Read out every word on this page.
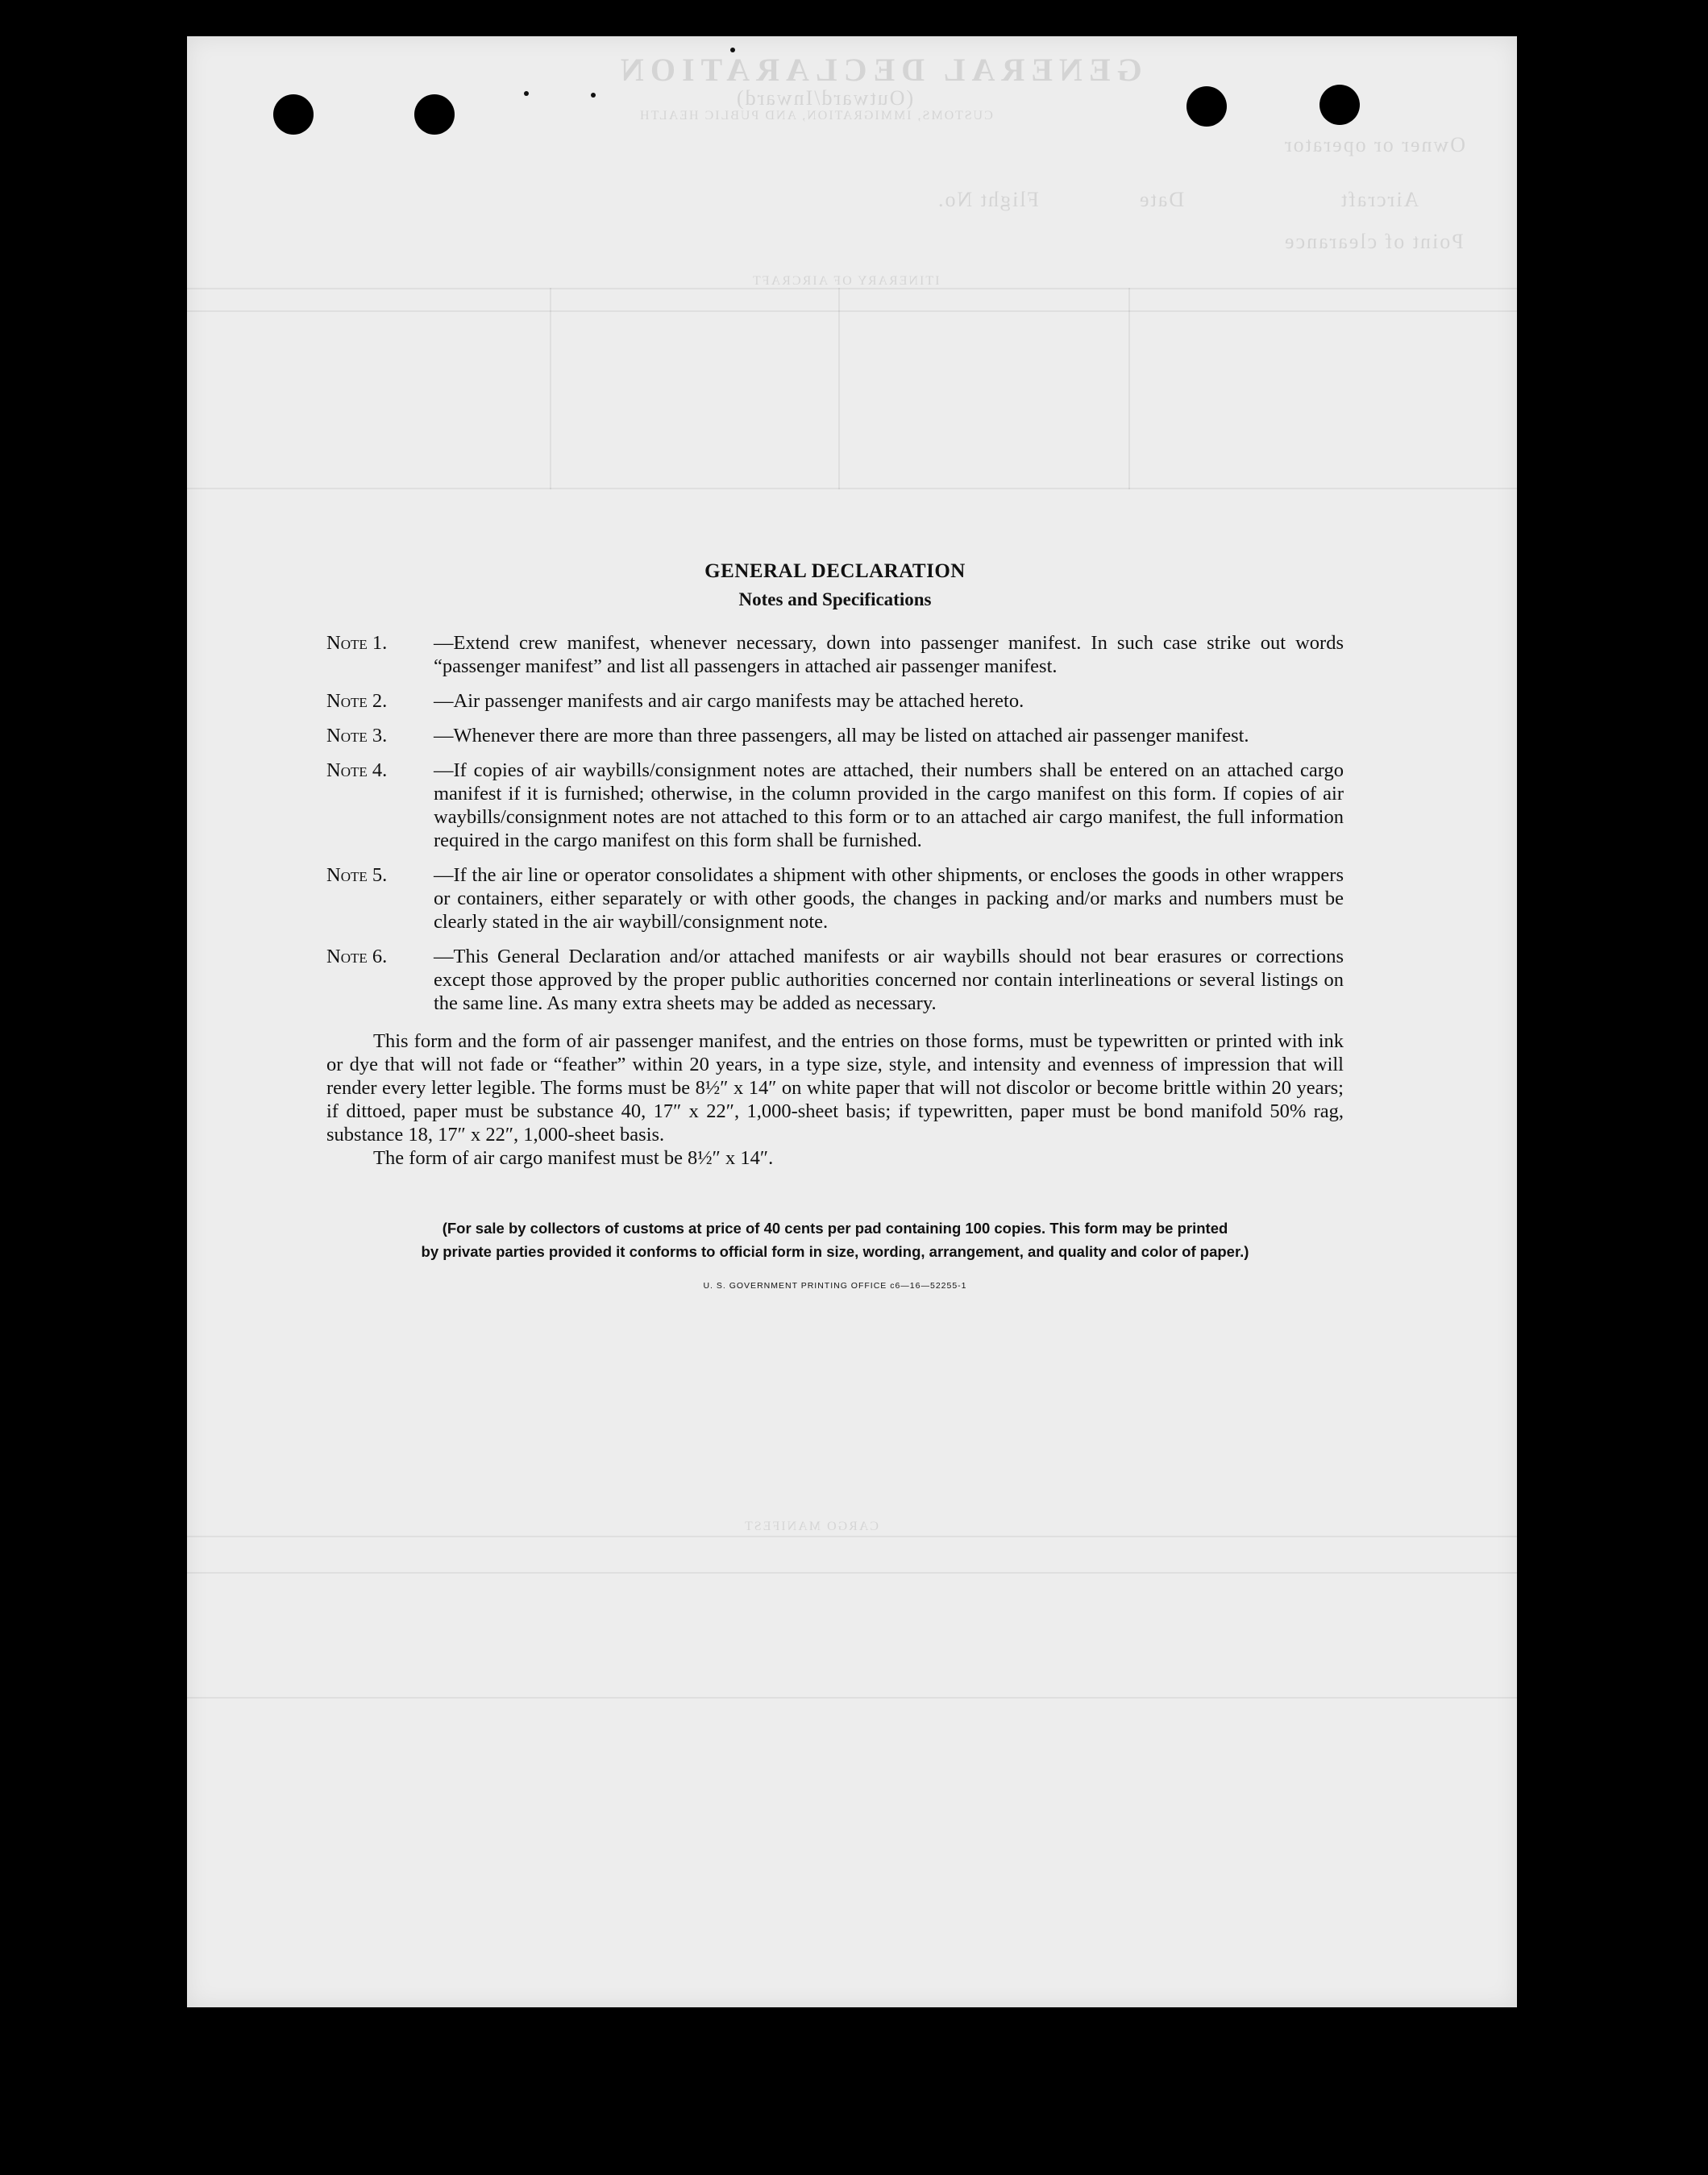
GENERAL DECLARATION
(Outward/Inward)
CUSTOMS, IMMIGRATION, AND PUBLIC HEALTH
Owner or operator
Aircraft
Flight No.	Date
Point of clearance
ITINERARY OF AIRCRAFT
CARGO MANIFEST
GENERAL DECLARATION
Notes and Specifications
Note 1. —Extend crew manifest, whenever necessary, down into passenger manifest. In such case strike out words “passenger manifest” and list all passengers in attached air passenger manifest.
Note 2. —Air passenger manifests and air cargo manifests may be attached hereto.
Note 3. —Whenever there are more than three passengers, all may be listed on attached air passenger manifest.
Note 4. —If copies of air waybills/consignment notes are attached, their numbers shall be entered on an attached cargo manifest if it is furnished; otherwise, in the column provided in the cargo manifest on this form. If copies of air waybills/consignment notes are not attached to this form or to an attached air cargo manifest, the full information required in the cargo manifest on this form shall be furnished.
Note 5. —If the air line or operator consolidates a shipment with other shipments, or encloses the goods in other wrappers or containers, either separately or with other goods, the changes in packing and/or marks and numbers must be clearly stated in the air waybill/consignment note.
Note 6. —This General Declaration and/or attached manifests or air waybills should not bear erasures or corrections except those approved by the proper public authorities concerned nor contain interlineations or several listings on the same line. As many extra sheets may be added as necessary.

This form and the form of air passenger manifest, and the entries on those forms, must be typewritten or printed with ink or dye that will not fade or “feather” within 20 years, in a type size, style, and intensity and evenness of impression that will render every letter legible. The forms must be 8½″ x 14″ on white paper that will not discolor or become brittle within 20 years; if dittoed, paper must be substance 40, 17″ x 22″, 1,000-sheet basis; if typewritten, paper must be bond manifold 50% rag, substance 18, 17″ x 22″, 1,000-sheet basis.

The form of air cargo manifest must be 8½″ x 14″.

(For sale by collectors of customs at price of 40 cents per pad containing 100 copies. This form may be printed
by private parties provided it conforms to official form in size, wording, arrangement, and quality and color of paper.)
U. S. GOVERNMENT PRINTING OFFICE c6—16—52255-1
